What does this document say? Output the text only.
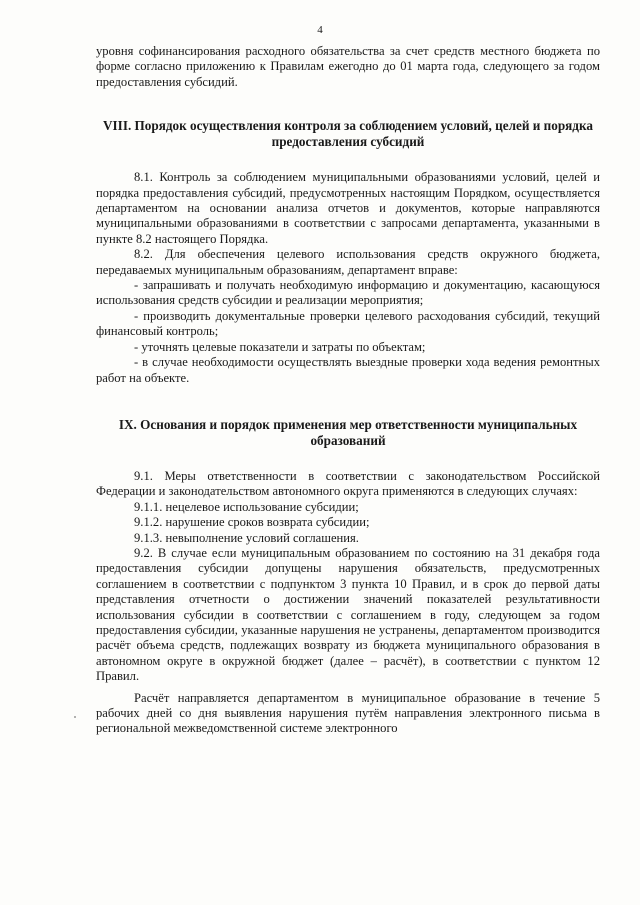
4

уровня софинансирования расходного обязательства за счет средств местного бюджета по форме согласно приложению к Правилам ежегодно до 01 марта года, следующего за годом предоставления субсидий.

VIII. Порядок осуществления контроля за соблюдением условий, целей и порядка предоставления субсидий

8.1. Контроль за соблюдением муниципальными образованиями условий, целей и порядка предоставления субсидий, предусмотренных настоящим Порядком, осуществляется департаментом на основании анализа отчетов и документов, которые направляются муниципальными образованиями в соответствии с запросами департамента, указанными в пункте 8.2 настоящего Порядка.

8.2. Для обеспечения целевого использования средств окружного бюджета, передаваемых муниципальным образованиям, департамент вправе:

- запрашивать и получать необходимую информацию и документацию, касающуюся использования средств субсидии и реализации мероприятия;

- производить документальные проверки целевого расходования субсидий, текущий финансовый контроль;

- уточнять целевые показатели и затраты по объектам;

- в случае необходимости осуществлять выездные проверки хода ведения ремонтных работ на объекте.

IX. Основания и порядок применения мер ответственности муниципальных образований

9.1. Меры ответственности в соответствии с законодательством Российской Федерации и законодательством автономного округа применяются в следующих случаях:

9.1.1. нецелевое использование субсидии;

9.1.2. нарушение сроков возврата субсидии;

9.1.3. невыполнение условий соглашения.

9.2. В случае если муниципальным образованием по состоянию на 31 декабря года предоставления субсидии допущены нарушения обязательств, предусмотренных соглашением в соответствии с подпунктом 3 пункта 10 Правил, и в срок до первой даты представления отчетности о достижении значений показателей результативности использования субсидии в соответствии с соглашением в году, следующем за годом предоставления субсидии, указанные нарушения не устранены, департаментом производится расчёт объема средств, подлежащих возврату из бюджета муниципального образования в автономном округе в окружной бюджет (далее – расчёт), в соответствии с пунктом 12 Правил.

Расчёт направляется департаментом в муниципальное образование в течение 5 рабочих дней со дня выявления нарушения путём направления электронного письма в региональной межведомственной системе электронного
